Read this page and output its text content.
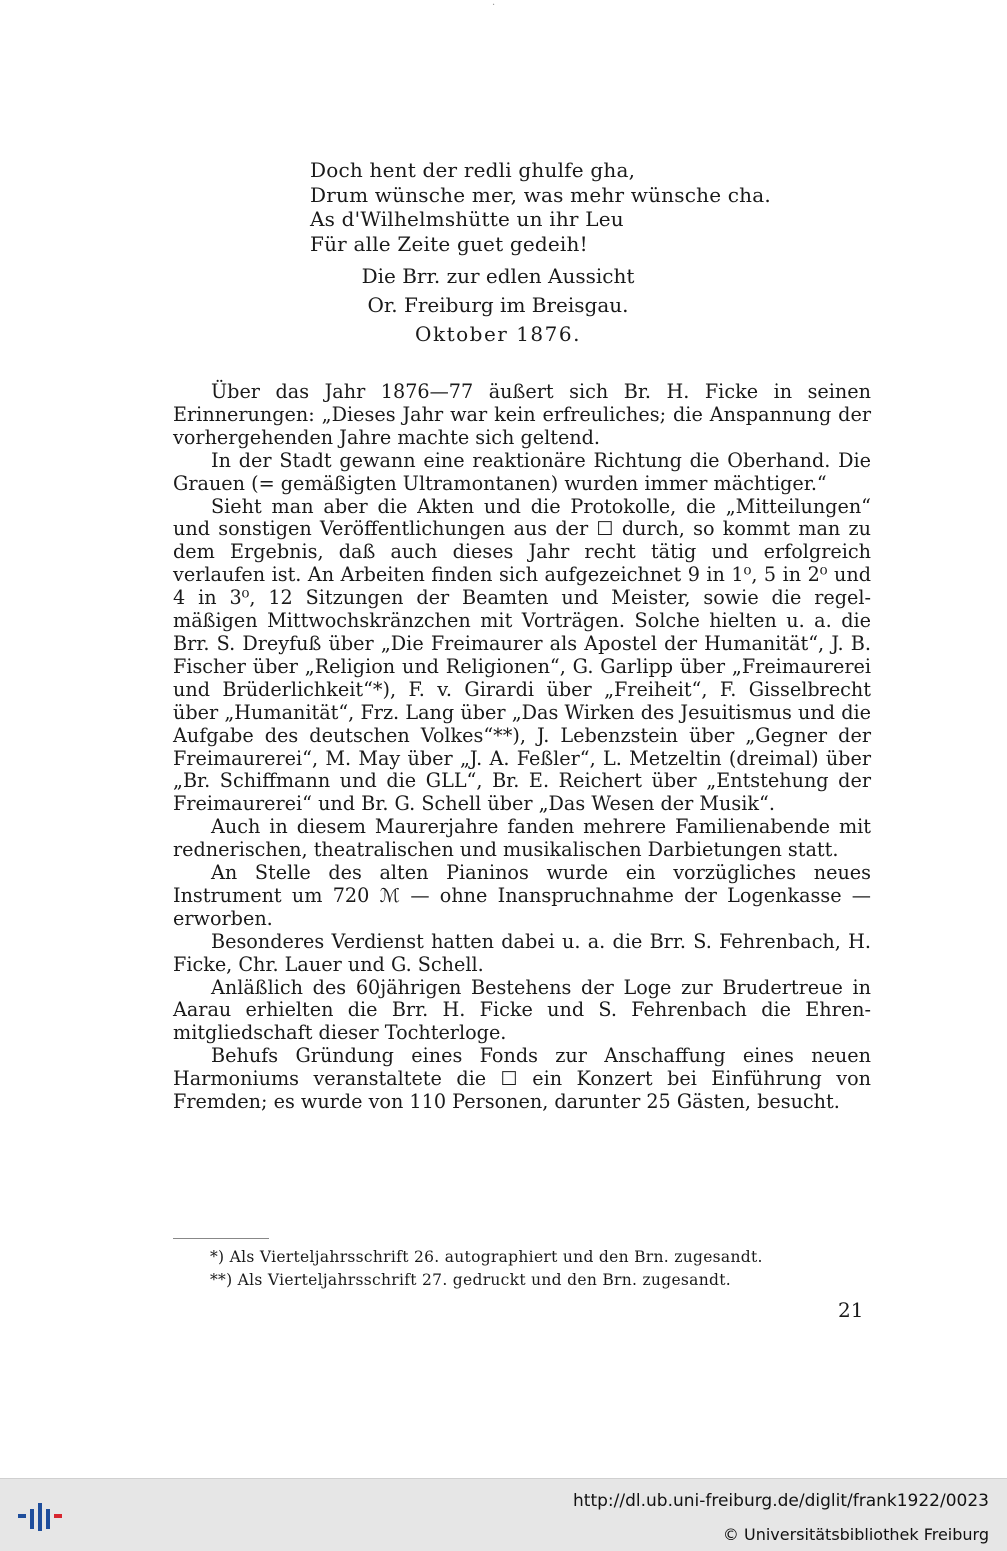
·
Doch hent der redli ghulfe gha,
Drum wünsche mer, was mehr wünsche cha.
As d'Wilhelmshütte un ihr Leu
Für alle Zeite guet gedeih!
Die Brr. zur edlen Aussicht
Or. Freiburg im Breisgau.
Oktober 1876.

Über das Jahr 1876—77 äußert sich Br. H. Ficke in seinen Erinnerungen: „Dieses Jahr war kein erfreuliches; die Anspannung der vorhergehenden Jahre machte sich geltend.

In der Stadt gewann eine reaktionäre Richtung die Oberhand. Die Grauen (= gemäßigten Ultramontanen) wurden immer mächtiger.“

Sieht man aber die Akten und die Protokolle, die „Mitteilungen“ und sonstigen Veröffentlichungen aus der ☐ durch, so kommt man zu dem Ergebnis, daß auch dieses Jahr recht tätig und erfolgreich verlaufen ist. An Arbeiten finden sich aufgezeichnet 9 in 1⁰, 5 in 2⁰ und 4 in 3⁰, 12 Sitzungen der Beamten und Meister, sowie die regelmäßigen Mittwochskränzchen mit Vorträgen. Solche hielten u. a. die Brr. S. Dreyfuß über „Die Freimaurer als Apostel der Humanität“, J. B. Fischer über „Religion und Religionen“, G. Garlipp über „Freimaurerei und Brüderlichkeit“*), F. v. Girardi über „Freiheit“, F. Gisselbrecht über „Humanität“, Frz. Lang über „Das Wirken des Jesuitismus und die Aufgabe des deutschen Volkes“**), J. Lebenzstein über „Gegner der Freimaurerei“, M. May über „J. A. Feßler“, L. Metzeltin (dreimal) über „Br. Schiffmann und die GLL“, Br. E. Reichert über „Entstehung der Freimaurerei“ und Br. G. Schell über „Das Wesen der Musik“.

Auch in diesem Maurerjahre fanden mehrere Familienabende mit rednerischen, theatralischen und musikalischen Darbietungen statt.

An Stelle des alten Pianinos wurde ein vorzügliches neues Instrument um 720 ℳ — ohne Inanspruchnahme der Logenkasse — erworben.

Besonderes Verdienst hatten dabei u. a. die Brr. S. Fehrenbach, H. Ficke, Chr. Lauer und G. Schell.

Anläßlich des 60jährigen Bestehens der Loge zur Brudertreue in Aarau erhielten die Brr. H. Ficke und S. Fehrenbach die Ehrenmitgliedschaft dieser Tochterloge.

Behufs Gründung eines Fonds zur Anschaffung eines neuen Harmoniums veranstaltete die ☐ ein Konzert bei Einführung von Fremden; es wurde von 110 Personen, darunter 25 Gästen, besucht.

*) Als Vierteljahrsschrift 26. autographiert und den Brn. zugesandt.
**) Als Vierteljahrsschrift 27. gedruckt und den Brn. zugesandt.
21
http://dl.ub.uni-freiburg.de/diglit/frank1922/0023
© Universitätsbibliothek Freiburg
